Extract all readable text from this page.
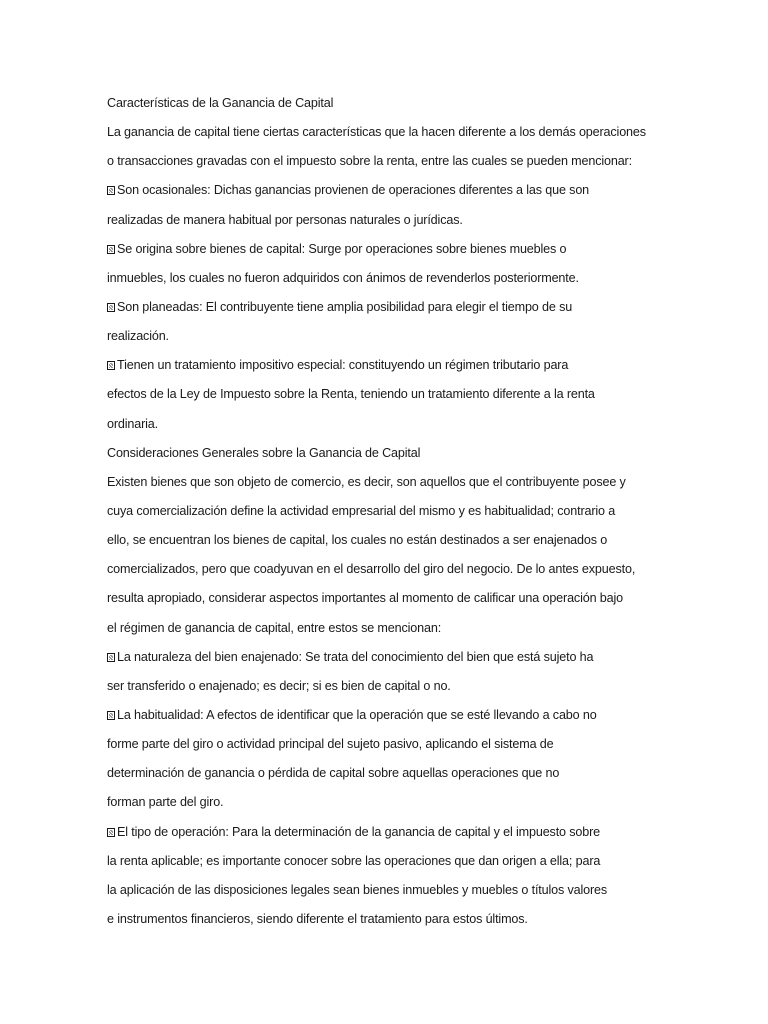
Características de la Ganancia de Capital
La ganancia de capital tiene ciertas características que la hacen diferente a los demás operaciones
o transacciones gravadas con el impuesto sobre la renta, entre las cuales se pueden mencionar:
Son ocasionales: Dichas ganancias provienen de operaciones diferentes a las que son
realizadas de manera habitual por personas naturales o jurídicas.
Se origina sobre bienes de capital: Surge por operaciones sobre bienes muebles o
inmuebles, los cuales no fueron adquiridos con ánimos de revenderlos posteriormente.
Son planeadas: El contribuyente tiene amplia posibilidad para elegir el tiempo de su
realización.
Tienen un tratamiento impositivo especial: constituyendo un régimen tributario para
efectos de la Ley de Impuesto sobre la Renta, teniendo un tratamiento diferente a la renta
ordinaria.
Consideraciones Generales sobre la Ganancia de Capital
Existen bienes que son objeto de comercio, es decir, son aquellos que el contribuyente posee y
cuya comercialización define la actividad empresarial del mismo y es habitualidad; contrario a
ello, se encuentran los bienes de capital, los cuales no están destinados a ser enajenados o
comercializados, pero que coadyuvan en el desarrollo del giro del negocio. De lo antes expuesto,
resulta apropiado, considerar aspectos importantes al momento de calificar una operación bajo
el régimen de ganancia de capital, entre estos se mencionan:
La naturaleza del bien enajenado: Se trata del conocimiento del bien que está sujeto ha
ser transferido o enajenado; es decir; si es bien de capital o no.
La habitualidad: A efectos de identificar que la operación que se esté llevando a cabo no
forme parte del giro o actividad principal del sujeto pasivo, aplicando el sistema de
determinación de ganancia o pérdida de capital sobre aquellas operaciones que no
forman parte del giro.
El tipo de operación: Para la determinación de la ganancia de capital y el impuesto sobre
la renta aplicable; es importante conocer sobre las operaciones que dan origen a ella; para
la aplicación de las disposiciones legales sean bienes inmuebles y muebles o títulos valores
e instrumentos financieros, siendo diferente el tratamiento para estos últimos.
